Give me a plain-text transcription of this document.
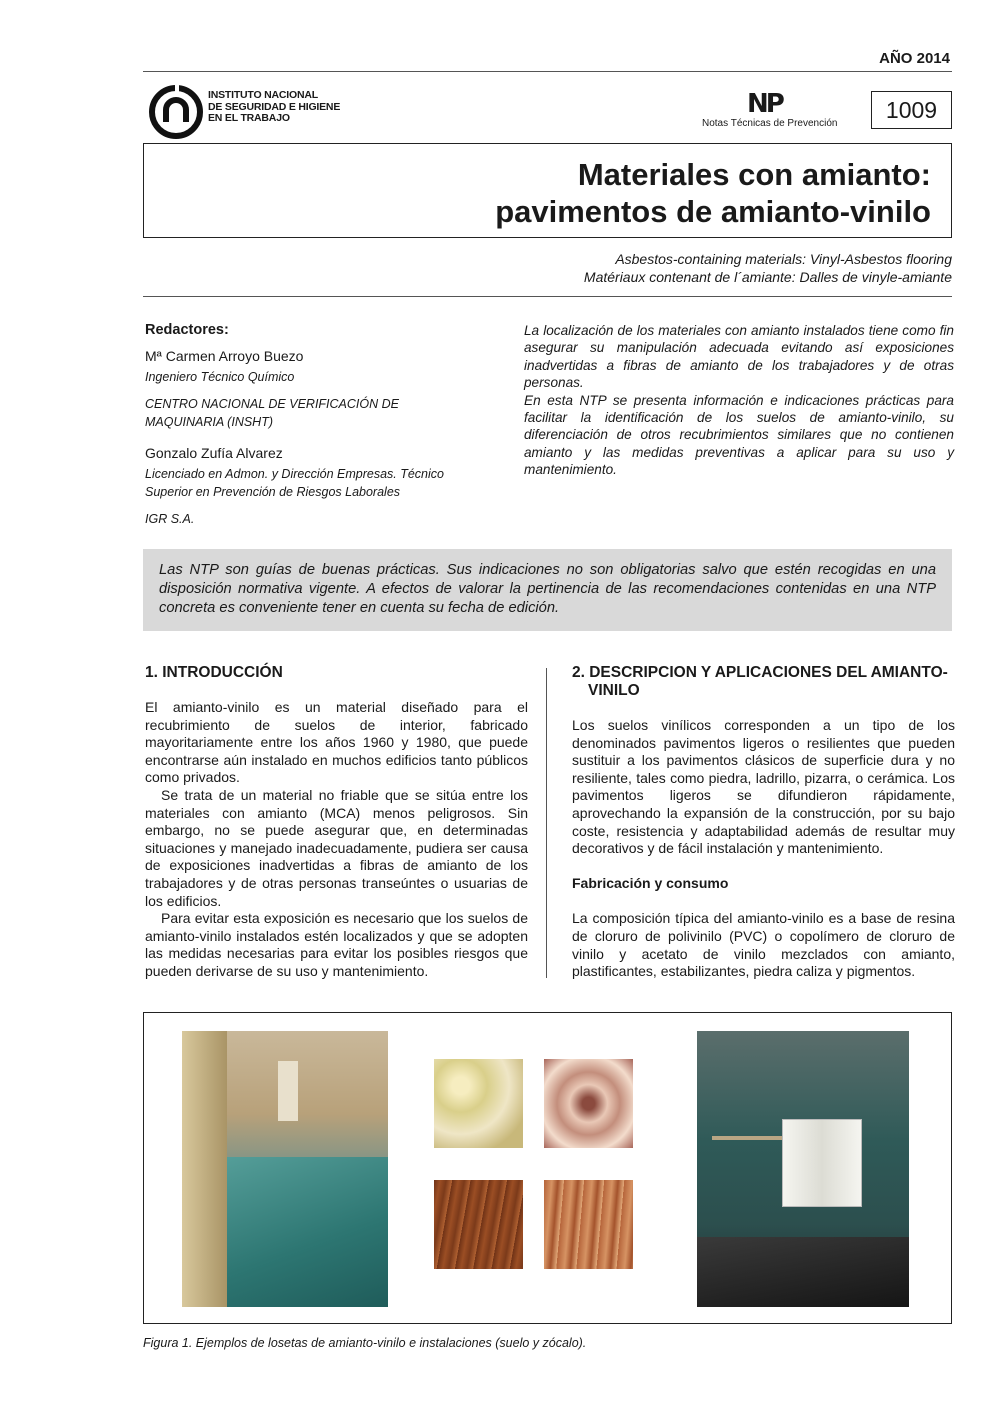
AÑO 2014
INSTITUTO NACIONAL
DE SEGURIDAD E HIGIENE
EN EL TRABAJO	NP
Notas Técnicas de Prevención
1009
Materiales con amianto:
pavimentos de amianto-vinilo
Asbestos-containing materials: Vinyl-Asbestos flooring
Matériaux contenant de l´amiante: Dalles de vinyle-amiante
Redactores:
Mª Carmen Arroyo Buezo
Ingeniero Técnico Químico
CENTRO NACIONAL DE VERIFICACIÓN DE MAQUINARIA (INSHT)
Gonzalo Zufía Alvarez
Licenciado en Admon. y Dirección Empresas. Técnico Superior en Prevención de Riesgos Laborales
IGR S.A.

La localización de los materiales con amianto instalados tiene como fin asegurar su manipulación adecuada evitando así exposiciones inadvertidas a fibras de amianto de los trabajadores y de otras personas.

En esta NTP se presenta información e indicaciones prácticas para facilitar la identificación de los suelos de amianto-vinilo, su diferenciación de otros recubrimientos similares que no contienen amianto y las medidas preventivas a aplicar para su uso y mantenimiento.

Las NTP son guías de buenas prácticas. Sus indicaciones no son obligatorias salvo que estén recogidas en una disposición normativa vigente. A efectos de valorar la pertinencia de las recomendaciones contenidas en una NTP concreta es conveniente tener en cuenta su fecha de edición.
1. INTRODUCCIÓN

El amianto-vinilo es un material diseñado para el recubrimiento de suelos de interior, fabricado mayoritariamente entre los años 1960 y 1980, que puede encontrarse aún instalado en muchos edificios tanto públicos como privados.

Se trata de un material no friable que se sitúa entre los materiales con amianto (MCA) menos peligrosos. Sin embargo, no se puede asegurar que, en determinadas situaciones y manejado inadecuadamente, pudiera ser causa de exposiciones inadvertidas a fibras de amianto de los trabajadores y de otras personas transeúntes o usuarias de los edificios.

Para evitar esta exposición es necesario que los suelos de amianto-vinilo instalados estén localizados y que se adopten las medidas necesarias para evitar los posibles riesgos que pueden derivarse de su uso y mantenimiento.

2. DESCRIPCION Y APLICACIONES DEL AMIANTO-VINILO

Los suelos vinílicos corresponden a un tipo de los denominados pavimentos ligeros o resilientes que pueden sustituir a los pavimentos clásicos de superficie dura y no resiliente, tales como piedra, ladrillo, pizarra, o cerámica. Los pavimentos ligeros se difundieron rápidamente, aprovechando la expansión de la construcción, por su bajo coste, resistencia y adaptabilidad además de resultar muy decorativos y de fácil instalación y mantenimiento.

Fabricación y consumo

La composición típica del amianto-vinilo es a base de resina de cloruro de polivinilo (PVC) o copolímero de cloruro de vinilo y acetato de vinilo mezclados con amianto, plastificantes, estabilizantes, piedra caliza y pigmentos.

Figura 1. Ejemplos de losetas de amianto-vinilo e instalaciones (suelo y zócalo).
